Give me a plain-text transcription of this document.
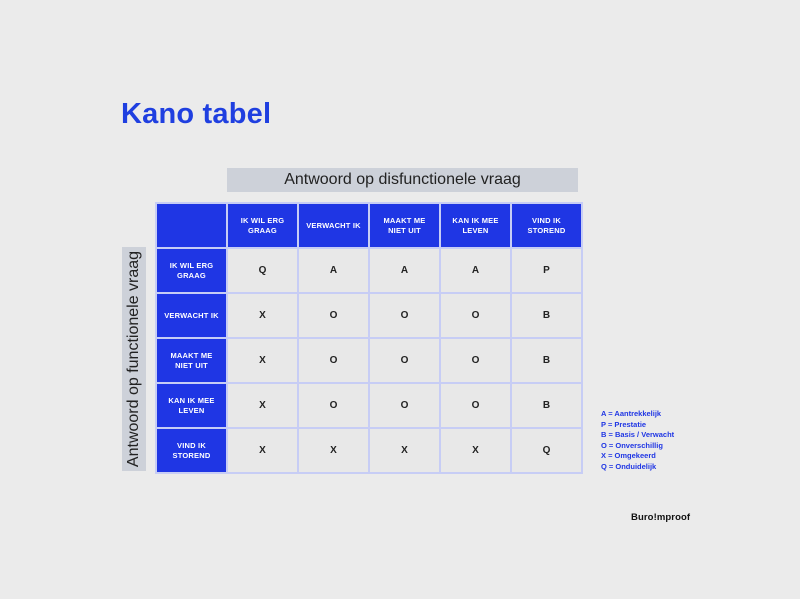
Kano tabel
Antwoord op disfunctionele vraag
Antwoord op functionele vraag
	IK WIL ERG GRAAG	VERWACHT IK	MAAKT ME NIET UIT	KAN IK MEE LEVEN	VIND IK STOREND
IK WIL ERG GRAAG	Q	A	A	A	P
VERWACHT IK	X	O	O	O	B
MAAKT ME NIET UIT	X	O	O	O	B
KAN IK MEE LEVEN	X	O	O	O	B
VIND IK STOREND	X	X	X	X	Q
A = Aantrekkelijk
P = Prestatie
B = Basis / Verwacht
O = Onverschillig
X = Omgekeerd
Q = Onduidelijk
Buro!mproof
